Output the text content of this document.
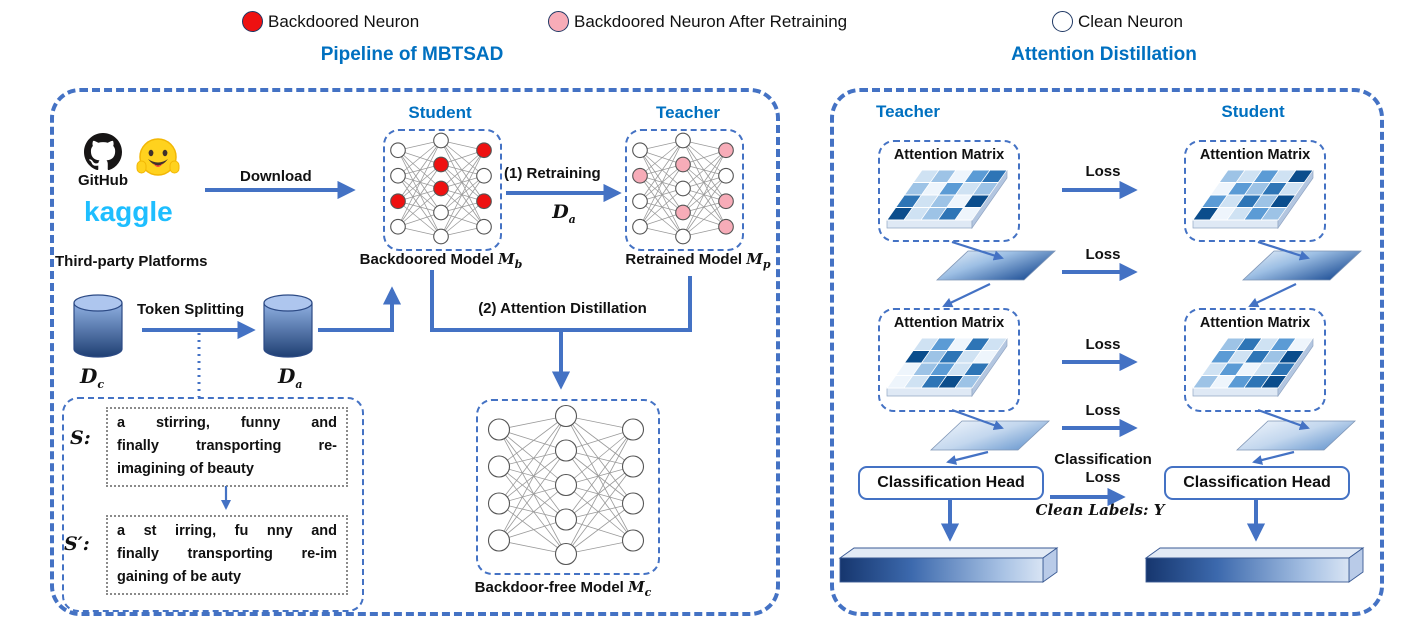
Backdoored Neuron	Backdoored Neuron After Retraining	Clean Neuron
Pipeline of MBTSAD
GitHub
kaggle
Third-party Platforms
Download
Student
Backdoored Model $M_b$
(1) Retraining
$D_a$
Teacher
Retrained Model $M_p$
(2) Attention Distillation
$D_c$
Token Splitting
$D_a$
S:
a stirring, funny and
finally transporting re-
imagining of beauty
S′:
a st irring, fu nny and
finally transporting re-im
gaining of be auty
Backdoor-free Model $M_c$
Attention Distillation
Teacher	Student
Attention Matrix	Attention Matrix
Attention Matrix	Attention Matrix
Loss
Loss
Loss
Loss
Classification Head	Classification Head
Classification
Loss
Clean Labels: Y
